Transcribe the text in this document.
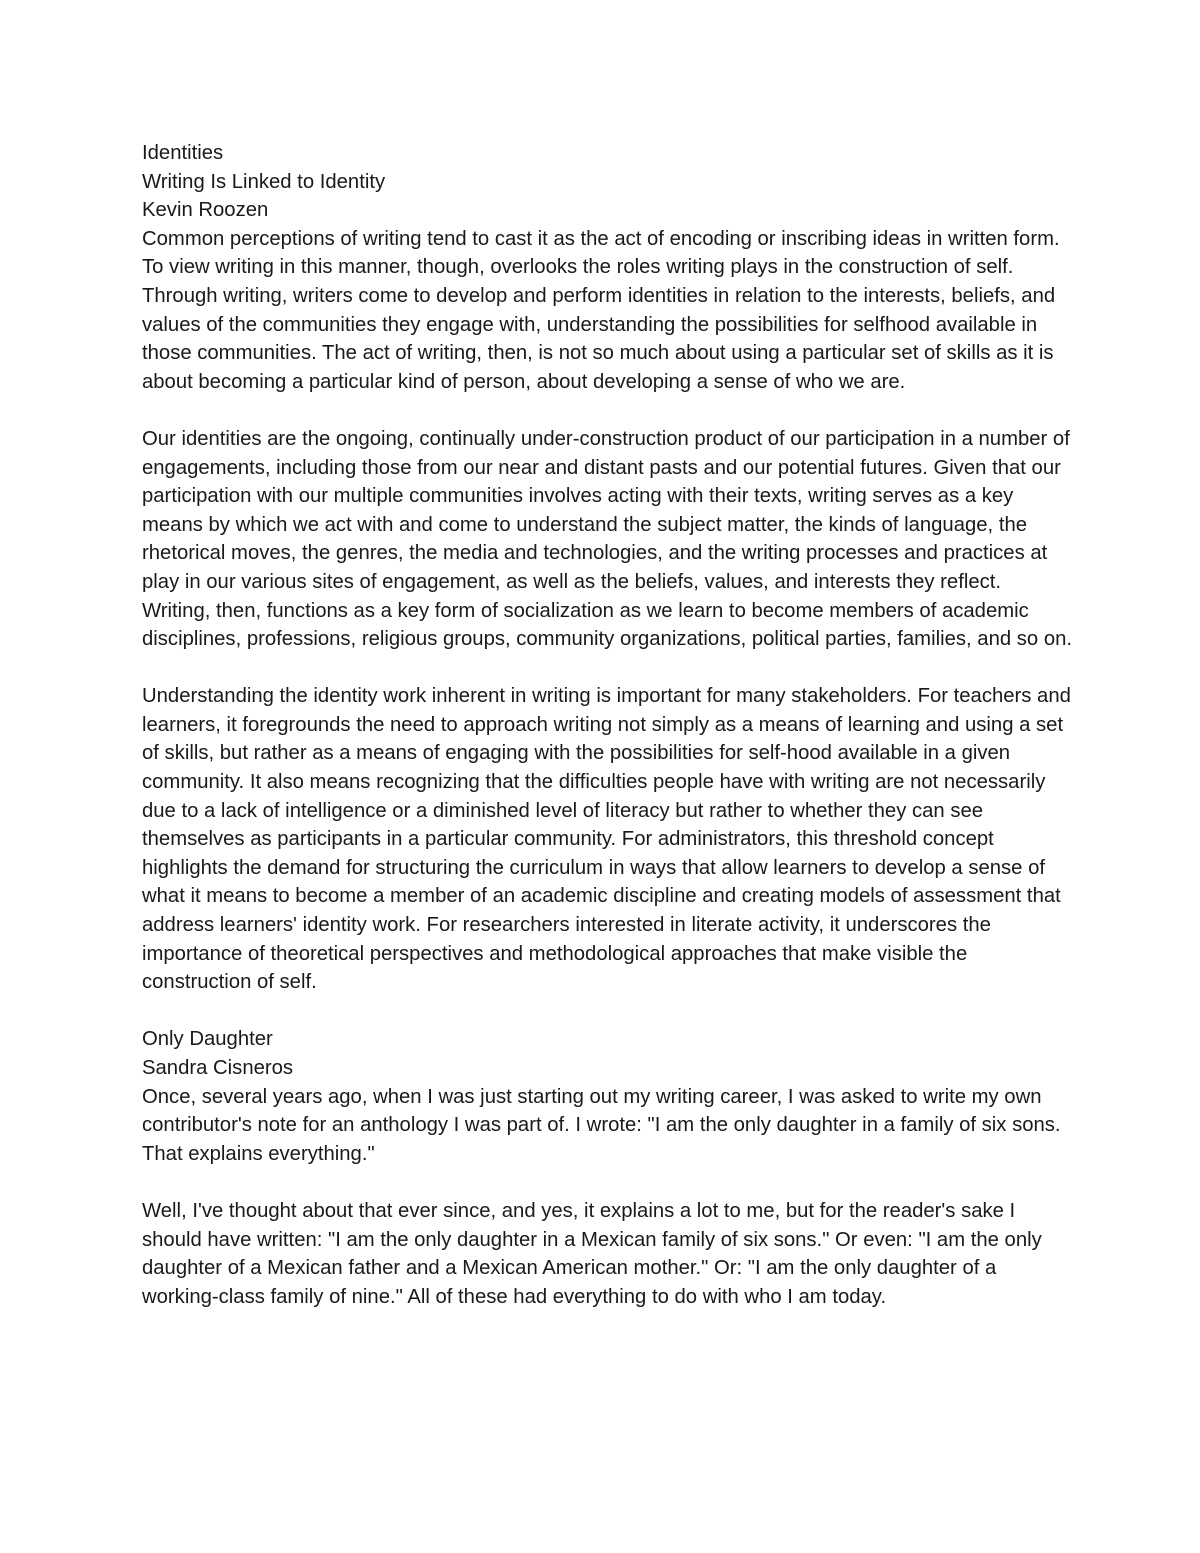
Identities
Writing Is Linked to Identity
Kevin Roozen

Common perceptions of writing tend to cast it as the act of encoding or inscribing ideas in written form. To view writing in this manner, though, overlooks the roles writing plays in the construction of self. Through writing, writers come to develop and perform identities in relation to the interests, beliefs, and values of the communities they engage with, understanding the possibilities for selfhood available in those communities. The act of writing, then, is not so much about using a particular set of skills as it is about becoming a particular kind of person, about developing a sense of who we are.

Our identities are the ongoing, continually under-construction product of our participation in a number of engagements, including those from our near and distant pasts and our potential futures. Given that our participation with our multiple communities involves acting with their texts, writing serves as a key means by which we act with and come to understand the subject matter, the kinds of language, the rhetorical moves, the genres, the media and technologies, and the writing processes and practices at play in our various sites of engagement, as well as the beliefs, values, and interests they reflect. Writing, then, functions as a key form of socialization as we learn to become members of academic disciplines, professions, religious groups, community organizations, political parties, families, and so on.

Understanding the identity work inherent in writing is important for many stakeholders. For teachers and learners, it foregrounds the need to approach writing not simply as a means of learning and using a set of skills, but rather as a means of engaging with the possibilities for self-hood available in a given community. It also means recognizing that the difficulties people have with writing are not necessarily due to a lack of intelligence or a diminished level of literacy but rather to whether they can see themselves as participants in a particular community. For administrators, this threshold concept highlights the demand for structuring the curriculum in ways that allow learners to develop a sense of what it means to become a member of an academic discipline and creating models of assessment that address learners' identity work. For researchers interested in literate activity, it underscores the importance of theoretical perspectives and methodological approaches that make visible the construction of self.

Only Daughter
Sandra Cisneros

Once, several years ago, when I was just starting out my writing career, I was asked to write my own contributor's note for an anthology I was part of. I wrote: "I am the only daughter in a family of six sons. That explains everything."

Well, I've thought about that ever since, and yes, it explains a lot to me, but for the reader's sake I should have written: "I am the only daughter in a Mexican family of six sons." Or even: "I am the only daughter of a Mexican father and a Mexican American mother." Or: "I am the only daughter of a working-class family of nine." All of these had everything to do with who I am today.
